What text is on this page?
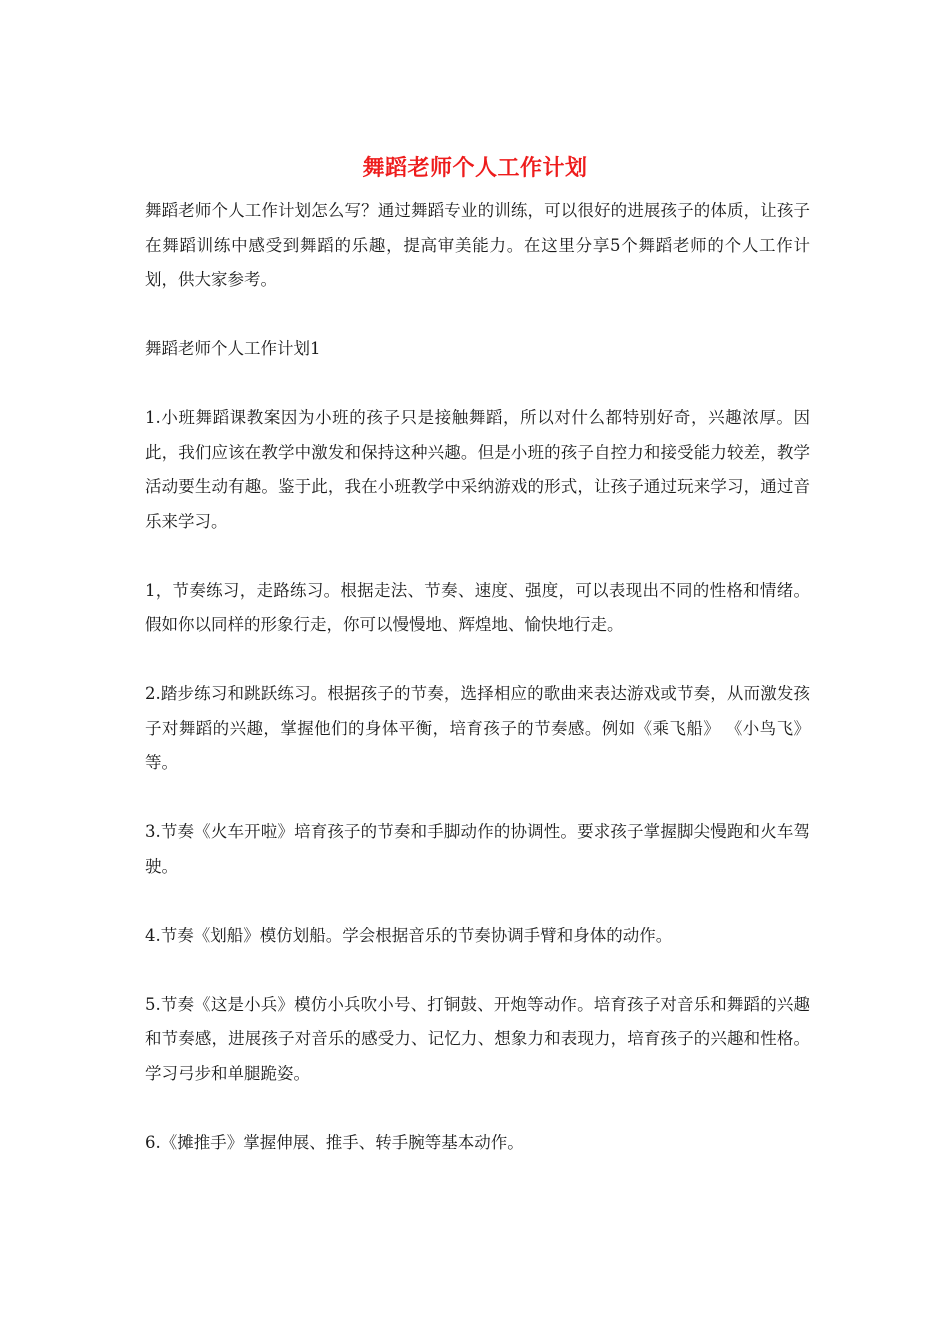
舞蹈老师个人工作计划

舞蹈老师个人工作计划怎么写？通过舞蹈专业的训练，可以很好的进展孩子的体质，让孩子在舞蹈训练中感受到舞蹈的乐趣，提高审美能力。在这里分享5个舞蹈老师的个人工作计划，供大家参考。

舞蹈老师个人工作计划1

1.小班舞蹈课教案因为小班的孩子只是接触舞蹈，所以对什么都特别好奇，兴趣浓厚。因此，我们应该在教学中激发和保持这种兴趣。但是小班的孩子自控力和接受能力较差，教学活动要生动有趣。鉴于此，我在小班教学中采纳游戏的形式，让孩子通过玩来学习，通过音乐来学习。

1，节奏练习，走路练习。根据走法、节奏、速度、强度，可以表现出不同的性格和情绪。假如你以同样的形象行走，你可以慢慢地、辉煌地、愉快地行走。

2.踏步练习和跳跃练习。根据孩子的节奏，选择相应的歌曲来表达游戏或节奏，从而激发孩子对舞蹈的兴趣，掌握他们的身体平衡，培育孩子的节奏感。例如《乘飞船》 《小鸟飞》等。

3.节奏《火车开啦》培育孩子的节奏和手脚动作的协调性。要求孩子掌握脚尖慢跑和火车驾驶。

4.节奏《划船》模仿划船。学会根据音乐的节奏协调手臂和身体的动作。

5.节奏《这是小兵》模仿小兵吹小号、打铜鼓、开炮等动作。培育孩子对音乐和舞蹈的兴趣和节奏感，进展孩子对音乐的感受力、记忆力、想象力和表现力，培育孩子的兴趣和性格。学习弓步和单腿跪姿。

6.《摊推手》掌握伸展、推手、转手腕等基本动作。
